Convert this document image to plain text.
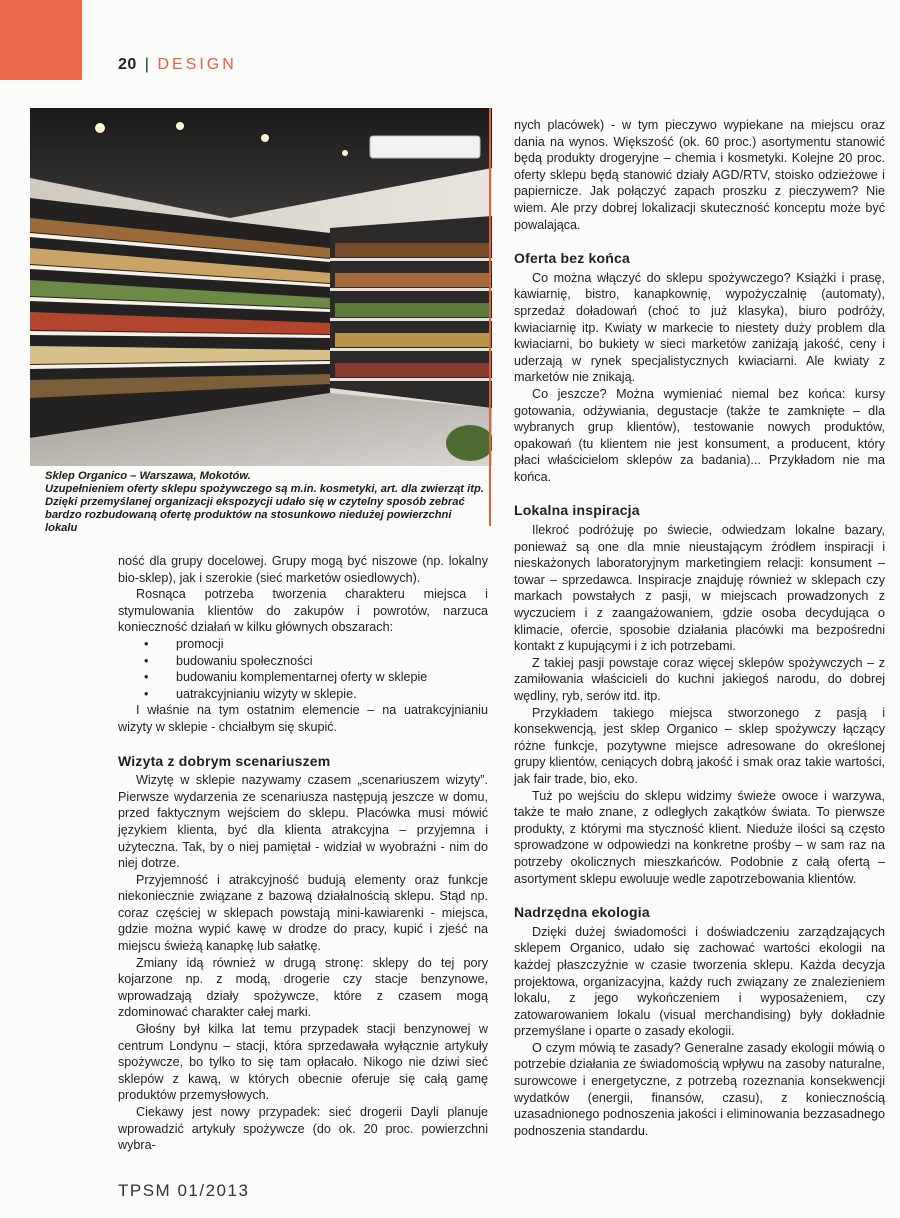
20 | DESIGN
Sklep Organico – Warszawa, Mokotów.
Uzupełnieniem oferty sklepu spożywczego są m.in. kosmetyki, art. dla zwierząt itp.
Dzięki przemyślanej organizacji ekspozycji udało się w czytelny sposób zebrać bardzo rozbudowaną ofertę produktów na stosunkowo niedużej powierzchni lokalu

ność dla grupy docelowej. Grupy mogą być niszowe (np. lokalny bio-sklep), jak i szerokie (sieć marketów osiedlowych).

Rosnąca potrzeba tworzenia charakteru miejsca i stymulowania klientów do zakupów i powrotów, narzuca konieczność działań w kilku głównych obszarach:

• promocji
• budowaniu społeczności
• budowaniu komplementarnej oferty w sklepie
• uatrakcyjnianiu wizyty w sklepie.

I właśnie na tym ostatnim elemencie – na uatrakcyjnianiu wizyty w sklepie - chciałbym się skupić.

Wizyta z dobrym scenariuszem

Wizytę w sklepie nazywamy czasem „scenariuszem wizyty”. Pierwsze wydarzenia ze scenariusza następują jeszcze w domu, przed faktycznym wejściem do sklepu. Placówka musi mówić językiem klienta, być dla klienta atrakcyjna – przyjemna i użyteczna. Tak, by o niej pamiętał - widział w wyobraźni - nim do niej dotrze.

Przyjemność i atrakcyjność budują elementy oraz funkcje niekoniecznie związane z bazową działalnością sklepu. Stąd np. coraz częściej w sklepach powstają mini-kawiarenki - miejsca, gdzie można wypić kawę w drodze do pracy, kupić i zjeść na miejscu świeżą kanapkę lub sałatkę.

Zmiany idą również w drugą stronę: sklepy do tej pory kojarzone np. z modą, drogerie czy stacje benzynowe, wprowadzają działy spożywcze, które z czasem mogą zdominować charakter całej marki.

Głośny był kilka lat temu przypadek stacji benzynowej w centrum Londynu – stacji, która sprzedawała wyłącznie artykuły spożywcze, bo tylko to się tam opłacało. Nikogo nie dziwi sieć sklepów z kawą, w których obecnie oferuje się całą gamę produktów przemysłowych.

Ciekawy jest nowy przypadek: sieć drogerii Dayli planuje wprowadzić artykuły spożywcze (do ok. 20 proc. powierzchni wybra-

nych placówek) - w tym pieczywo wypiekane na miejscu oraz dania na wynos. Większość (ok. 60 proc.) asortymentu stanowić będą produkty drogeryjne – chemia i kosmetyki. Kolejne 20 proc. oferty sklepu będą stanowić działy AGD/RTV, stoisko odzieżowe i papiernicze. Jak połączyć zapach proszku z pieczywem? Nie wiem. Ale przy dobrej lokalizacji skuteczność konceptu może być powalająca.

Oferta bez końca

Co można włączyć do sklepu spożywczego? Książki i prasę, kawiarnię, bistro, kanapkownię, wypożyczalnię (automaty), sprzedaż doładowań (choć to już klasyka), biuro podróży, kwiaciarnię itp. Kwiaty w markecie to niestety duży problem dla kwiaciarni, bo bukiety w sieci marketów zaniżają jakość, ceny i uderzają w rynek specjalistycznych kwiaciarni. Ale kwiaty z marketów nie znikają.

Co jeszcze? Można wymieniać niemal bez końca: kursy gotowania, odżywiania, degustacje (także te zamknięte – dla wybranych grup klientów), testowanie nowych produktów, opakowań (tu klientem nie jest konsument, a producent, który płaci właścicielom sklepów za badania)... Przykładom nie ma końca.

Lokalna inspiracja

Ilekroć podróżuję po świecie, odwiedzam lokalne bazary, ponieważ są one dla mnie nieustającym źródłem inspiracji i nieskażonych laboratoryjnym marketingiem relacji: konsument – towar – sprzedawca. Inspiracje znajduję również w sklepach czy markach powstałych z pasji, w miejscach prowadzonych z wyczuciem i z zaangażowaniem, gdzie osoba decydująca o klimacie, ofercie, sposobie działania placówki ma bezpośredni kontakt z kupującymi i z ich potrzebami.

Z takiej pasji powstaje coraz więcej sklepów spożywczych – z zamiłowania właścicieli do kuchni jakiegoś narodu, do dobrej wędliny, ryb, serów itd. itp.

Przykładem takiego miejsca stworzonego z pasją i konsekwencją, jest sklep Organico – sklep spożywczy łączący różne funkcje, pozytywne miejsce adresowane do określonej grupy klientów, ceniących dobrą jakość i smak oraz takie wartości, jak fair trade, bio, eko.

Tuż po wejściu do sklepu widzimy świeże owoce i warzywa, także te mało znane, z odległych zakątków świata. To pierwsze produkty, z którymi ma styczność klient. Nieduże ilości są często sprowadzone w odpowiedzi na konkretne prośby – w sam raz na potrzeby okolicznych mieszkańców. Podobnie z całą ofertą – asortyment sklepu ewoluuje wedle zapotrzebowania klientów.

Nadrzędna ekologia

Dzięki dużej świadomości i doświadczeniu zarządzających sklepem Organico, udało się zachować wartości ekologii na każdej płaszczyźnie w czasie tworzenia sklepu. Każda decyzja projektowa, organizacyjna, każdy ruch związany ze znalezieniem lokalu, z jego wykończeniem i wyposażeniem, czy zatowarowaniem lokalu (visual merchandising) były dokładnie przemyślane i oparte o zasady ekologii.

O czym mówią te zasady? Generalne zasady ekologii mówią o potrzebie działania ze świadomością wpływu na zasoby naturalne, surowcowe i energetyczne, z potrzebą rozeznania konsekwencji wydatków (energii, finansów, czasu), z koniecznością uzasadnionego podnoszenia jakości i eliminowania bezzasadnego podnoszenia standardu.

TPSM 01/2013
